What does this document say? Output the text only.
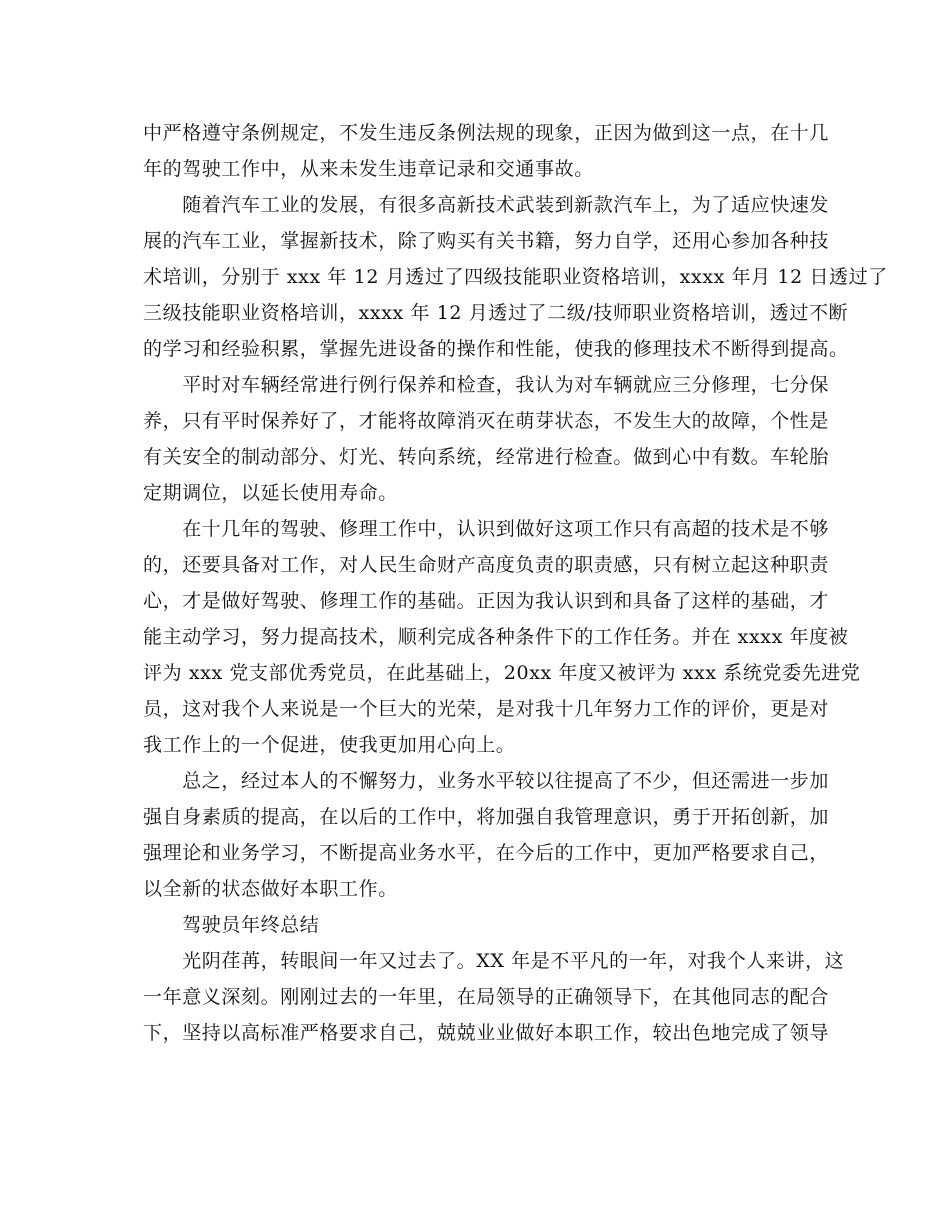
中严格遵守条例规定，不发生违反条例法规的现象，正因为做到这一点，在十几
年的驾驶工作中，从来未发生违章记录和交通事故。
　　随着汽车工业的发展，有很多高新技术武装到新款汽车上，为了适应快速发
展的汽车工业，掌握新技术，除了购买有关书籍，努力自学，还用心参加各种技
术培训，分别于 xxx 年 12 月透过了四级技能职业资格培训，xxxx 年月 12 日透过了
三级技能职业资格培训，xxxx 年 12 月透过了二级/技师职业资格培训，透过不断
的学习和经验积累，掌握先进设备的操作和性能，使我的修理技术不断得到提高。
　　平时对车辆经常进行例行保养和检查，我认为对车辆就应三分修理，七分保
养，只有平时保养好了，才能将故障消灭在萌芽状态，不发生大的故障，个性是
有关安全的制动部分、灯光、转向系统，经常进行检查。做到心中有数。车轮胎
定期调位，以延长使用寿命。
　　在十几年的驾驶、修理工作中，认识到做好这项工作只有高超的技术是不够
的，还要具备对工作，对人民生命财产高度负责的职责感，只有树立起这种职责
心，才是做好驾驶、修理工作的基础。正因为我认识到和具备了这样的基础，才
能主动学习，努力提高技术，顺利完成各种条件下的工作任务。并在 xxxx 年度被
评为 xxx 党支部优秀党员，在此基础上，20xx 年度又被评为 xxx 系统党委先进党
员，这对我个人来说是一个巨大的光荣，是对我十几年努力工作的评价，更是对
我工作上的一个促进，使我更加用心向上。
　　总之，经过本人的不懈努力，业务水平较以往提高了不少，但还需进一步加
强自身素质的提高，在以后的工作中，将加强自我管理意识，勇于开拓创新，加
强理论和业务学习，不断提高业务水平，在今后的工作中，更加严格要求自己，
以全新的状态做好本职工作。
　　驾驶员年终总结
　　光阴荏苒，转眼间一年又过去了。XX 年是不平凡的一年，对我个人来讲，这
一年意义深刻。刚刚过去的一年里，在局领导的正确领导下，在其他同志的配合
下，坚持以高标准严格要求自己，兢兢业业做好本职工作，较出色地完成了领导
